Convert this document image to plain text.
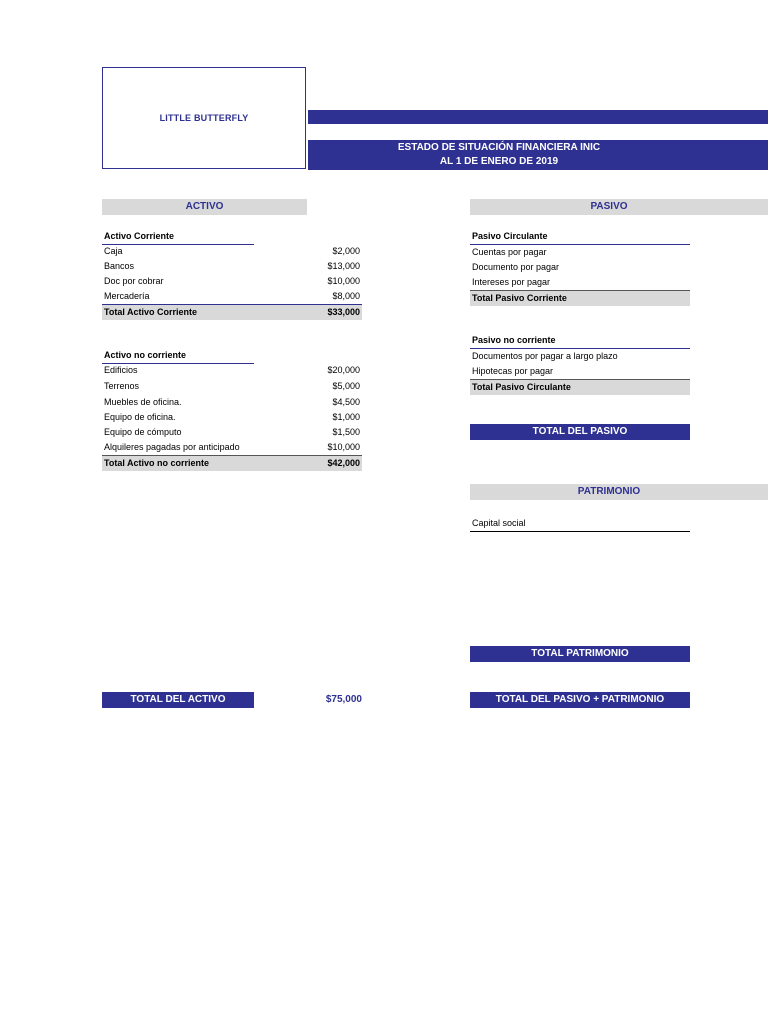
LITTLE BUTTERFLY
ESTADO DE SITUACIÓN FINANCIERA INIC
AL 1 DE ENERO DE 2019
ACTIVO
Activo Corriente
Caja	$2,000
Bancos	$13,000
Doc por cobrar	$10,000
Mercadería	$8,000
Total Activo Corriente	$33,000
Activo no corriente
Edificios	$20,000
Terrenos	$5,000
Muebles de oficina.	$4,500
Equipo de oficina.	$1,000
Equipo de cómputo	$1,500
Alquileres pagadas por anticipado	$10,000
Total Activo no corriente	$42,000
TOTAL DEL ACTIVO	$75,000
PASIVO
Pasivo Circulante
Cuentas por pagar
Documento por pagar
Intereses por pagar
Total Pasivo Corriente
Pasivo no corriente
Documentos por pagar a largo plazo
Hipotecas por pagar
Total Pasivo Circulante
TOTAL DEL PASIVO
PATRIMONIO
Capital social
TOTAL PATRIMONIO
TOTAL DEL PASIVO + PATRIMONIO
